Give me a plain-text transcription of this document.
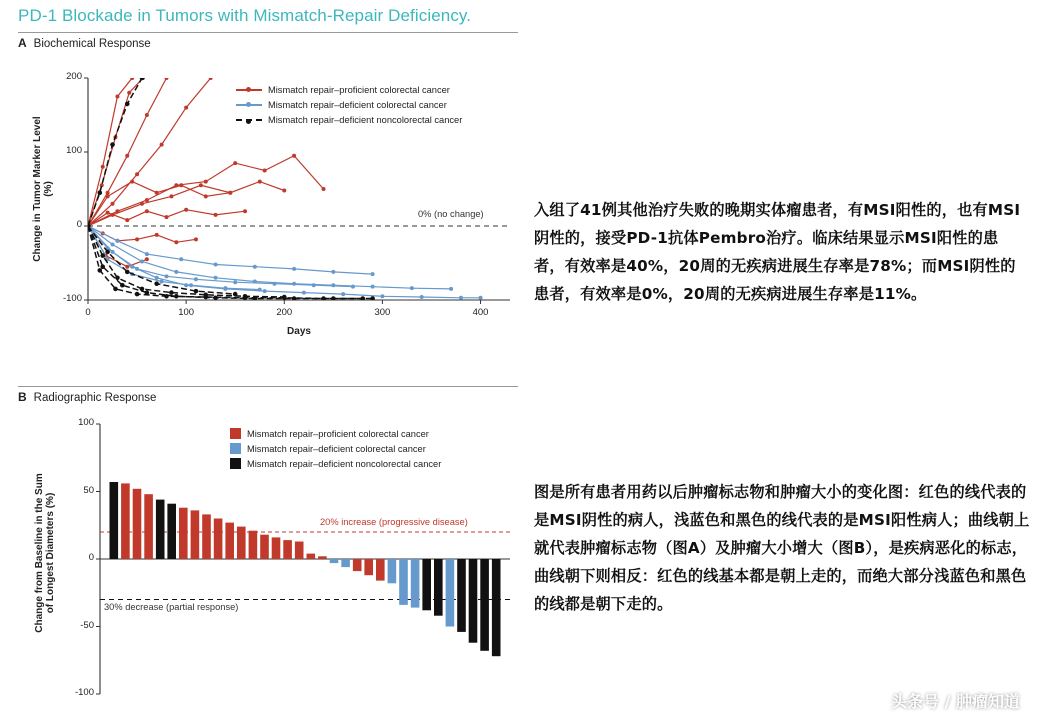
PD-1 Blockade in Tumors with Mismatch-Repair Deficiency.
A Biochemical Response
-100
0
100
200
0	100	200	300	400
Change in Tumor Marker Level
(%)
Days
0% (no change)
Mismatch repair–proficient colorectal cancer
Mismatch repair–deficient colorectal cancer
Mismatch repair–deficient noncolorectal cancer
B Radiographic Response
-100
-50
0
50
100
Change from Baseline in the Sum
of Longest Diameters (%)	20% increase (progressive disease)
30% decrease (partial response)
Mismatch repair–proficient colorectal cancer
Mismatch repair–deficient colorectal cancer
Mismatch repair–deficient noncolorectal cancer
入组了41例其他治疗失败的晚期实体瘤患者，有MSI阳性的，也有MSI阴性的，接受PD-1抗体Pembro治疗。临床结果显示MSI阳性的患者，有效率是40%，20周的无疾病进展生存率是78%；而MSI阴性的患者，有效率是0%，20周的无疾病进展生存率是11%。
图是所有患者用药以后肿瘤标志物和肿瘤大小的变化图：红色的线代表的是MSI阴性的病人，浅蓝色和黑色的线代表的是MSI阳性病人；曲线朝上就代表肿瘤标志物（图A）及肿瘤大小增大（图B），是疾病恶化的标志，曲线朝下则相反：红色的线基本都是朝上走的，而绝大部分浅蓝色和黑色的线都是朝下走的。
头条号 / 肿瘤知道
